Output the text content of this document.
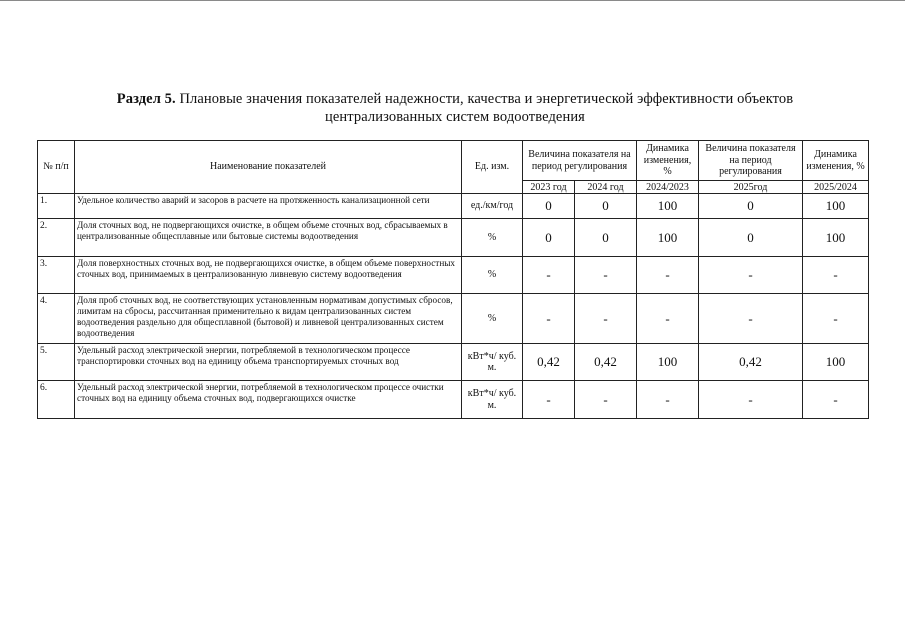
Раздел 5. Плановые значения показателей надежности, качества и энергетической эффективности объектов централизованных систем водоотведения
№ п/п	Наименование показателей	Ед. изм.	Величина показателя на период регулирования		Динамика изменения, %	Величина показателя на период регулирования	Динамика изменения, %
			2023 год	2024 год	2024/2023	2025год	2025/2024
1.	Удельное количество аварий и засоров в расчете на протяженность канализационной сети	ед./км/год	0	0	100	0	100
2.	Доля сточных вод, не подвергающихся очистке, в общем объеме сточных вод, сбрасываемых в централизованные общесплавные или бытовые системы водоотведения	%	0	0	100	0	100
3.	Доля поверхностных сточных вод, не подвергающихся очистке, в общем объеме поверхностных сточных вод, принимаемых в централизованную ливневую систему водоотведения	%	-	-	-	-	-
4.	Доля проб сточных вод, не соответствующих установленным нормативам допустимых сбросов, лимитам на сбросы, рассчитанная применительно к видам централизованных систем водоотведения раздельно для общесплавной (бытовой) и ливневой централизованных систем водоотведения	%	-	-	-	-	-
5.	Удельный расход электрической энергии, потребляемой в технологическом процессе транспортировки сточных вод на единицу объема транспортируемых сточных вод	кВт*ч/ куб. м.	0,42	0,42	100	0,42	100
6.	Удельный расход электрической энергии, потребляемой в технологическом процессе очистки сточных вод на единицу объема сточных вод, подвергающихся очистке	кВт*ч/ куб. м.	-	-	-	-	-
